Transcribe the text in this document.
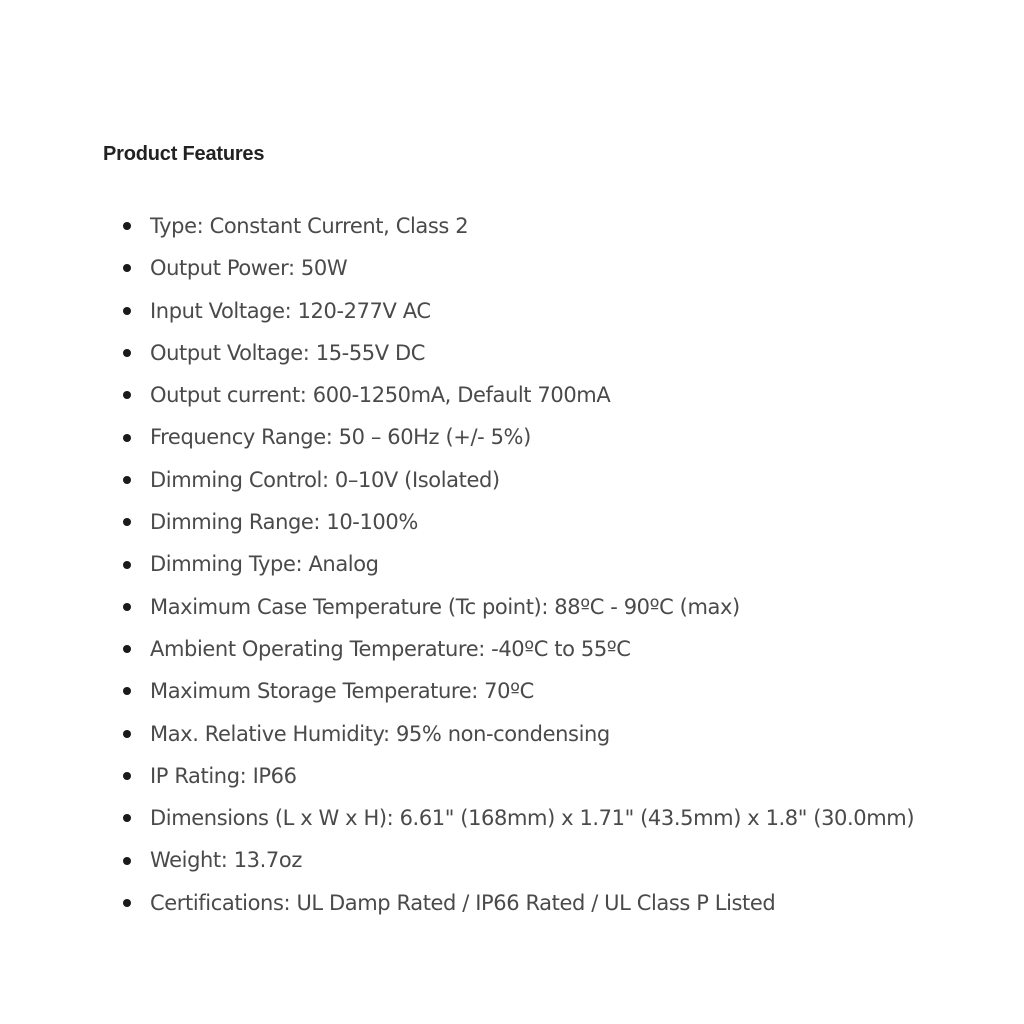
Product Features
Type: Constant Current, Class 2
Output Power: 50W
Input Voltage: 120-277V AC
Output Voltage: 15-55V DC
Output current: 600-1250mA, Default 700mA
Frequency Range: 50 – 60Hz (+/- 5%)
Dimming Control: 0–10V (Isolated)
Dimming Range: 10-100%
Dimming Type: Analog
Maximum Case Temperature (Tc point): 88ºC - 90ºC (max)
Ambient Operating Temperature: -40ºC to 55ºC
Maximum Storage Temperature: 70ºC
Max. Relative Humidity: 95% non-condensing
IP Rating: IP66
Dimensions (L x W x H): 6.61" (168mm) x 1.71" (43.5mm) x 1.8" (30.0mm)
Weight: 13.7oz
Certifications: UL Damp Rated / IP66 Rated / UL Class P Listed
